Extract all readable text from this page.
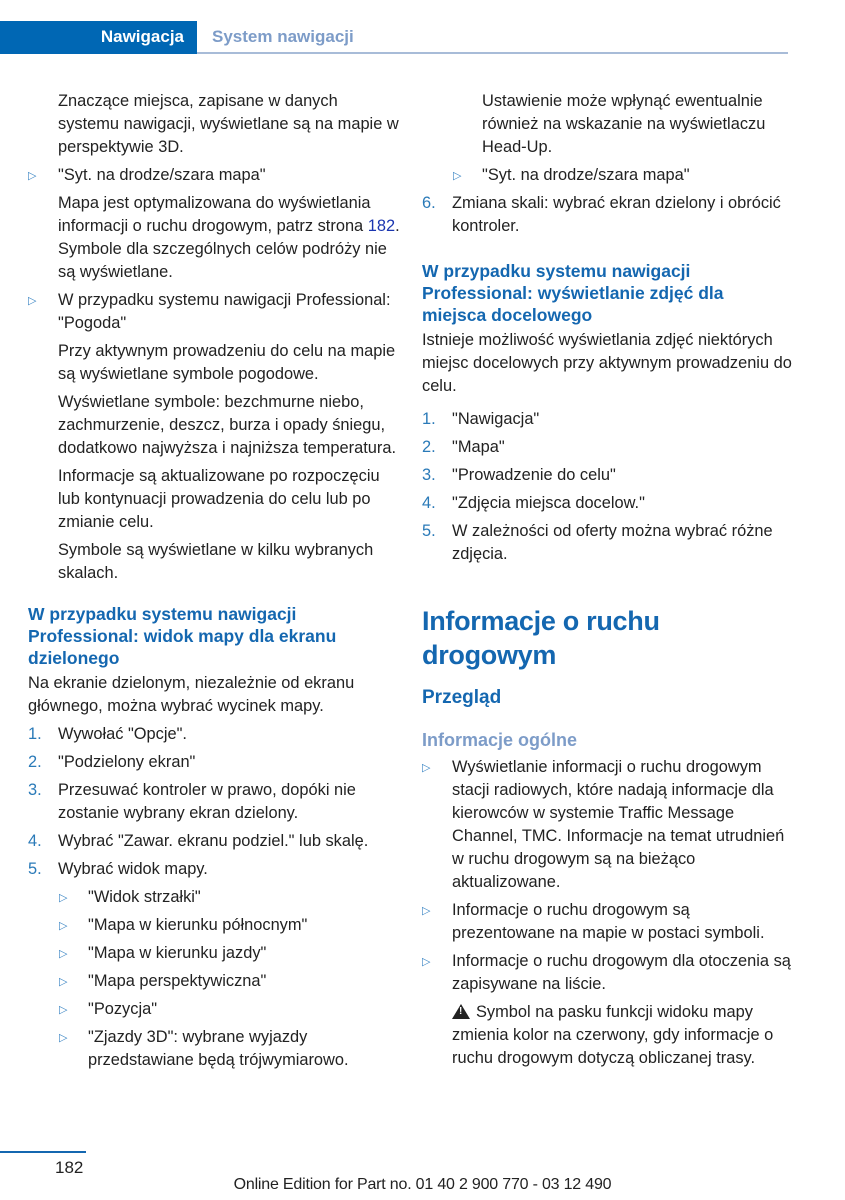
Nawigacja System nawigacji
Znaczące miejsca, zapisane w danych systemu nawigacji, wyświetlane są na mapie w perspektywie 3D.
▷ "Syt. na drodze/szara mapa"
Mapa jest optymalizowana do wyświetlania informacji o ruchu drogowym, patrz strona 182. Symbole dla szczególnych celów podróży nie są wyświetlane.
▷ W przypadku systemu nawigacji Professional: "Pogoda"
Przy aktywnym prowadzeniu do celu na mapie są wyświetlane symbole pogodowe.
Wyświetlane symbole: bezchmurne niebo, zachmurzenie, deszcz, burza i opady śniegu, dodatkowo najwyższa i najniższa temperatura.
Informacje są aktualizowane po rozpoczęciu lub kontynuacji prowadzenia do celu lub po zmianie celu.
Symbole są wyświetlane w kilku wybranych skalach.
W przypadku systemu nawigacji Professional: widok mapy dla ekranu dzielonego
Na ekranie dzielonym, niezależnie od ekranu głównego, można wybrać wycinek mapy.
1. Wywołać "Opcje".
2. "Podzielony ekran"
3. Przesuwać kontroler w prawo, dopóki nie zostanie wybrany ekran dzielony.
4. Wybrać "Zawar. ekranu podziel." lub skalę.
5. Wybrać widok mapy.
▷ "Widok strzałki"
▷ "Mapa w kierunku północnym"
▷ "Mapa w kierunku jazdy"
▷ "Mapa perspektywiczna"
▷ "Pozycja"
▷ "Zjazdy 3D": wybrane wyjazdy przedstawiane będą trójwymiarowo.
Ustawienie może wpłynąć ewentualnie również na wskazanie na wyświetlaczu Head-Up.
▷ "Syt. na drodze/szara mapa"
6. Zmiana skali: wybrać ekran dzielony i obrócić kontroler.
W przypadku systemu nawigacji Professional: wyświetlanie zdjęć dla miejsca docelowego
Istnieje możliwość wyświetlania zdjęć niektórych miejsc docelowych przy aktywnym prowadzeniu do celu.
1. "Nawigacja"
2. "Mapa"
3. "Prowadzenie do celu"
4. "Zdjęcia miejsca docelow."
5. W zależności od oferty można wybrać różne zdjęcia.
Informacje o ruchu drogowym
Przegląd
Informacje ogólne
▷ Wyświetlanie informacji o ruchu drogowym stacji radiowych, które nadają informacje dla kierowców w systemie Traffic Message Channel, TMC. Informacje na temat utrudnień w ruchu drogowym są na bieżąco aktualizowane.
▷ Informacje o ruchu drogowym są prezentowane na mapie w postaci symboli.
▷ Informacje o ruchu drogowym dla otoczenia są zapisywane na liście.
!Symbol na pasku funkcji widoku mapy zmienia kolor na czerwony, gdy informacje o ruchu drogowym dotyczą obliczanej trasy.
182
Online Edition for Part no. 01 40 2 900 770 - 03 12 490
